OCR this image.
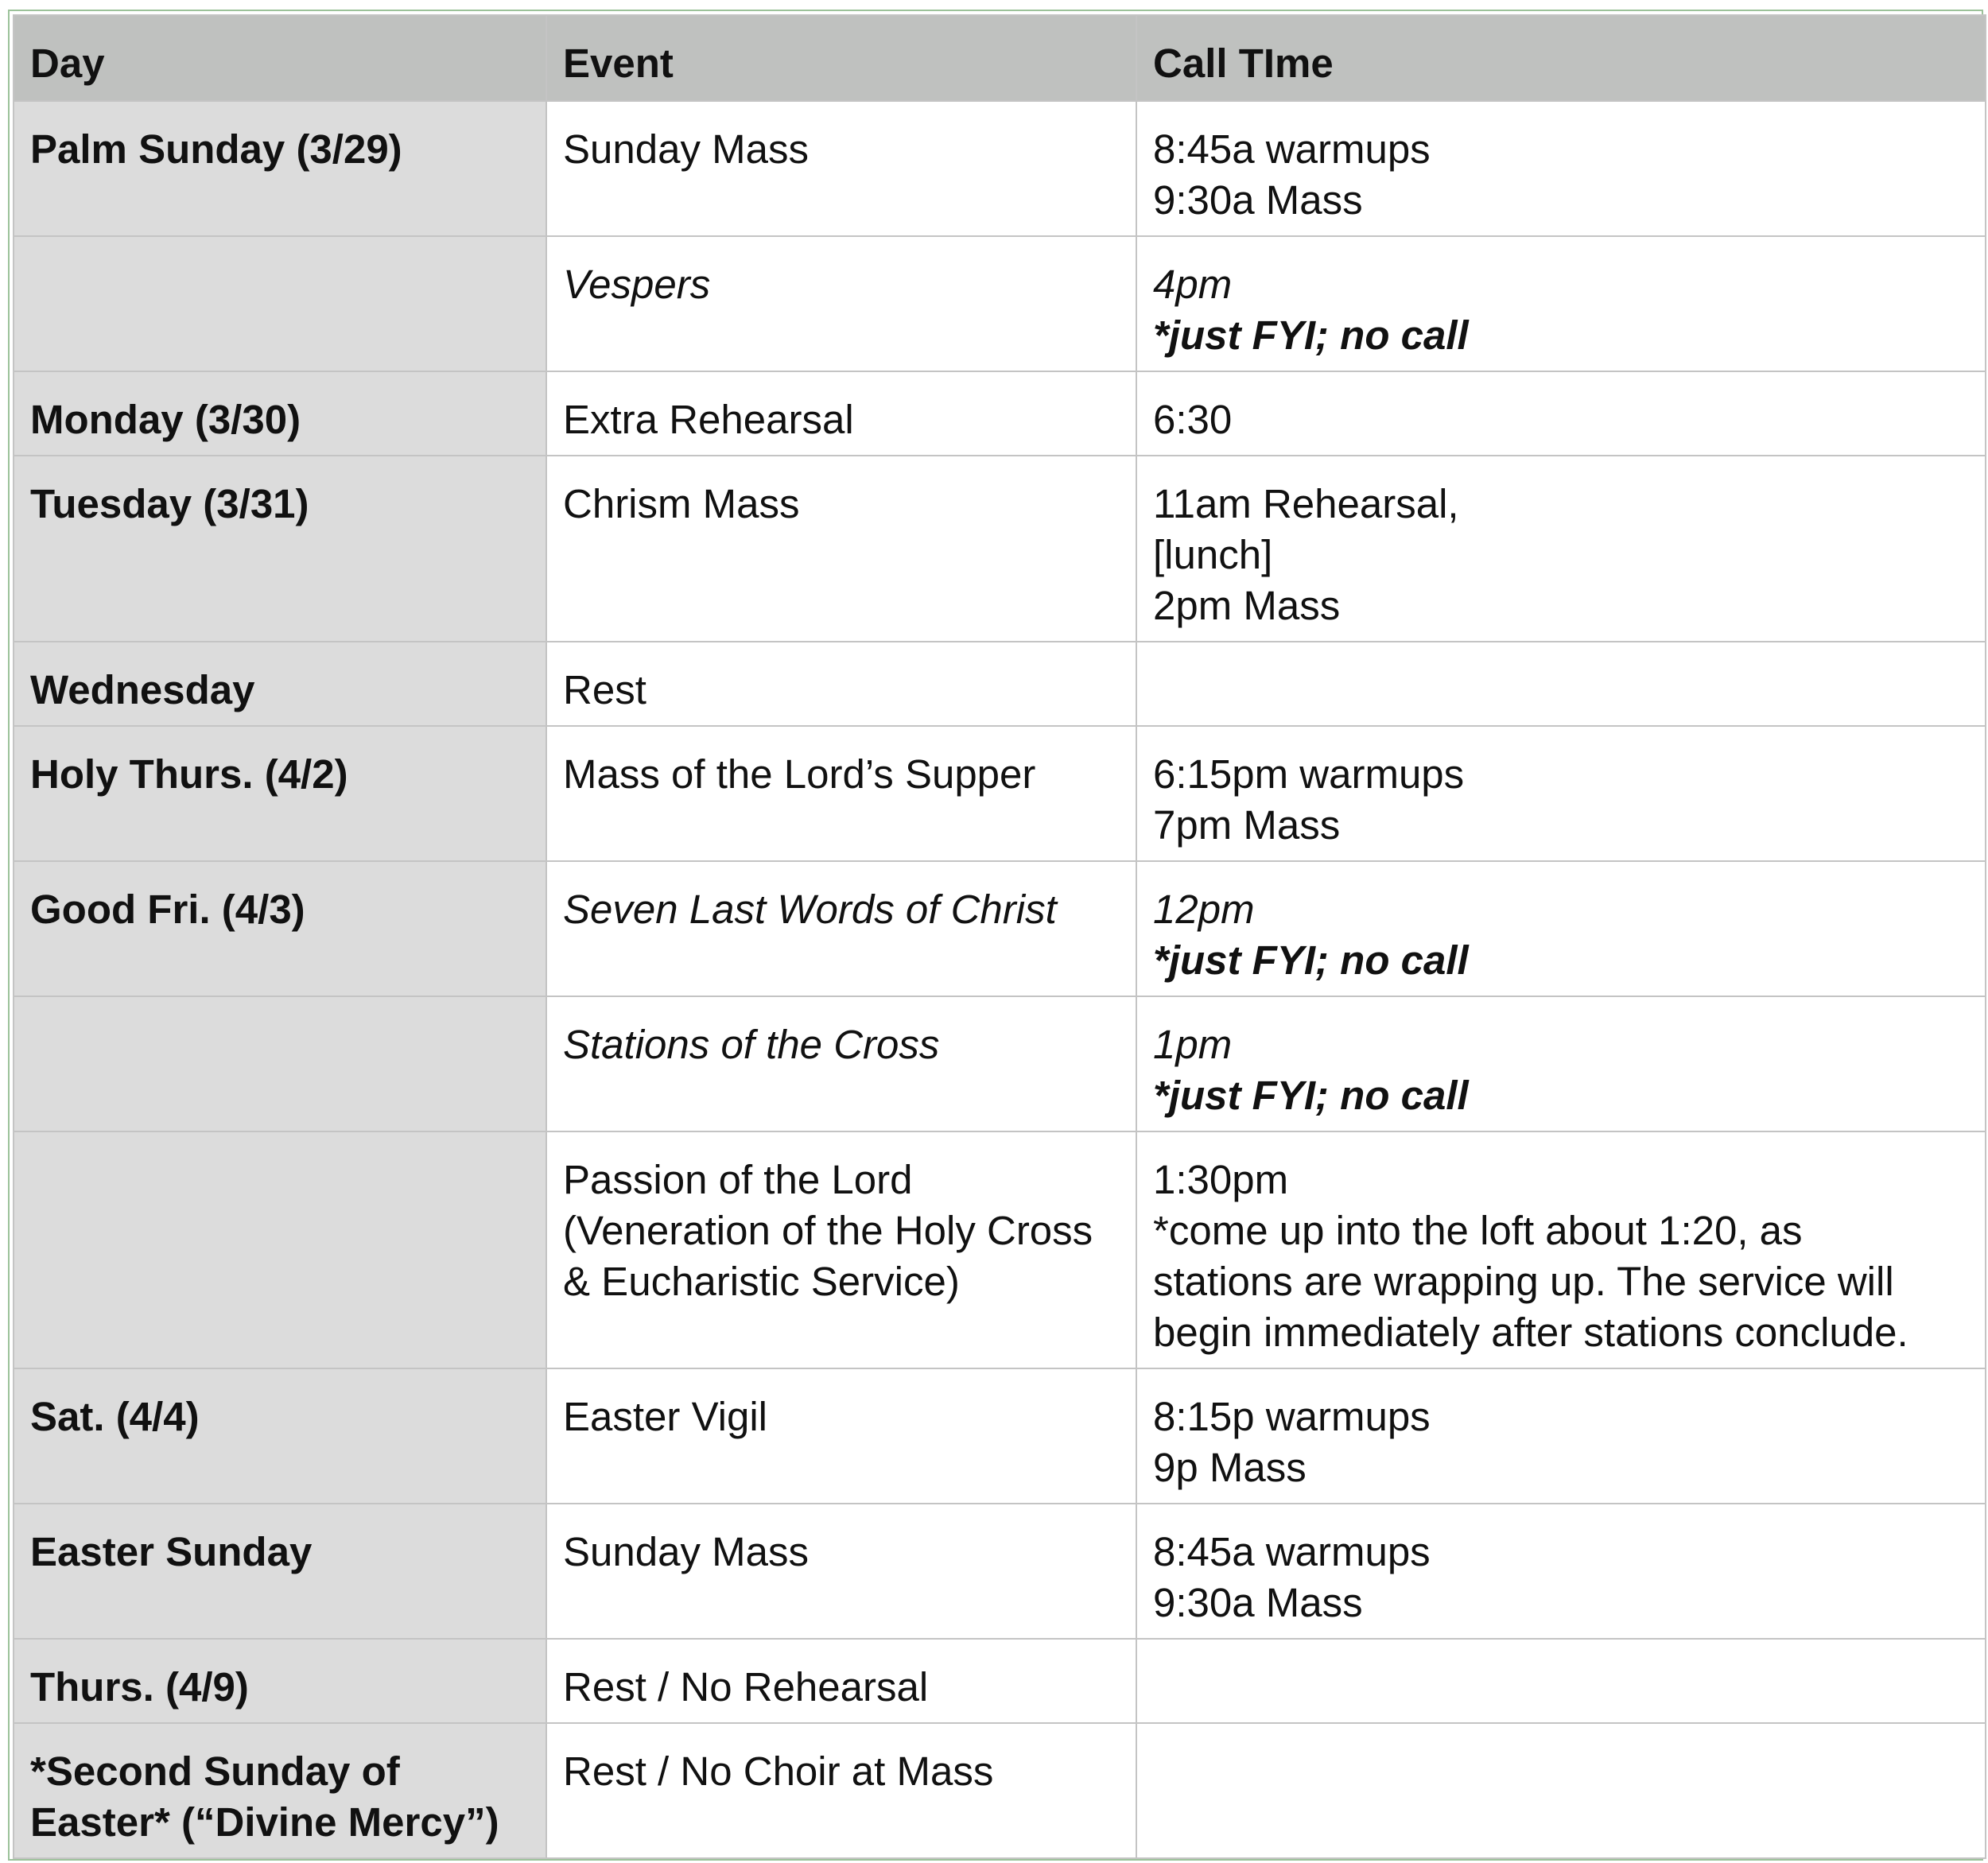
Day	Event	Call TIme
Palm Sunday (3/29)	Sunday Mass	8:45a warmups
9:30a Mass

	Vespers	4pm
*just FYI; no call

Monday (3/30)	Extra Rehearsal	6:30

Tuesday (3/31)	Chrism Mass	11am Rehearsal,
[lunch]
2pm Mass

Wednesday	Rest	

Holy Thurs. (4/2)	Mass of the Lord’s Supper	6:15pm warmups
7pm Mass

Good Fri. (4/3)	Seven Last Words of Christ	12pm
*just FYI; no call

	Stations of the Cross	1pm
*just FYI; no call

	Passion of the Lord
(Veneration of the Holy Cross
& Eucharistic Service)	1:30pm
*come up into the loft about 1:20, as
stations are wrapping up. The service will
begin immediately after stations conclude.

Sat. (4/4)	Easter Vigil	8:15p warmups
9p Mass

Easter Sunday	Sunday Mass	8:45a warmups
9:30a Mass

Thurs. (4/9)	Rest / No Rehearsal	

*Second Sunday of
Easter* (“Divine Mercy”)	Rest / No Choir at Mass	
